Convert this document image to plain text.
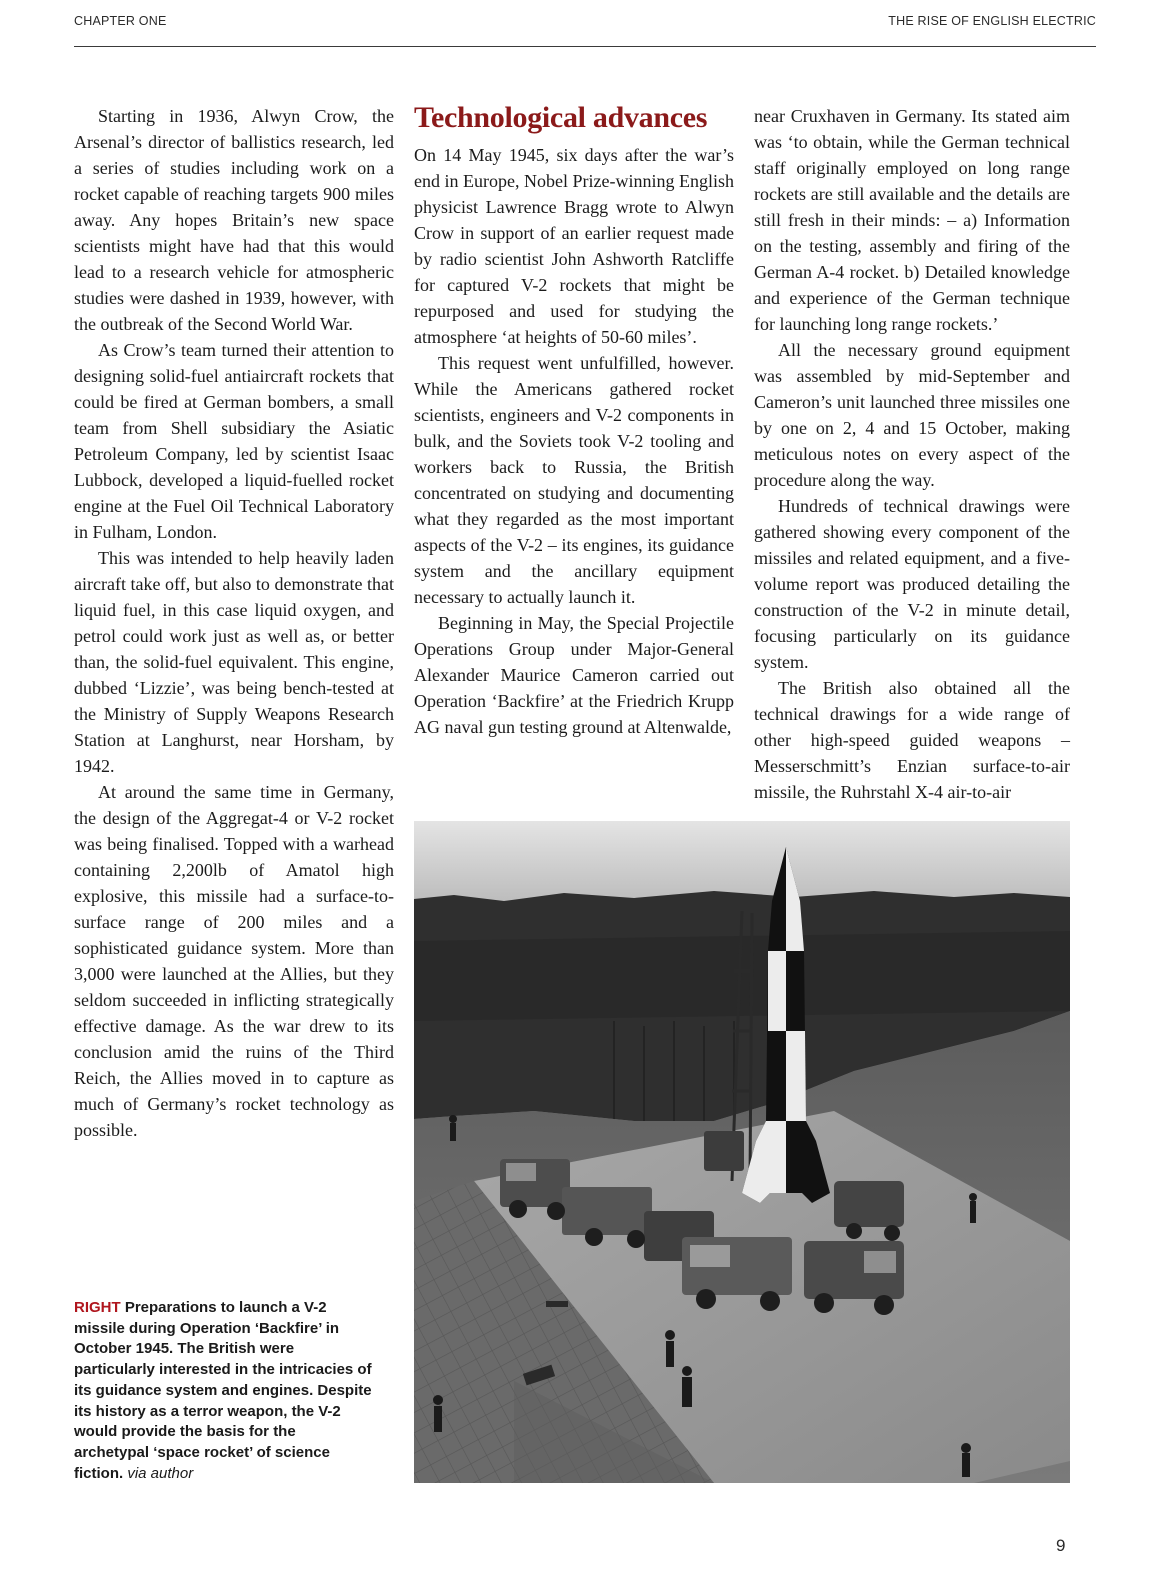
CHAPTER ONE	THE RISE OF ENGLISH ELECTRIC

Starting in 1936, Alwyn Crow, the Arsenal’s director of ballistics research, led a series of studies including work on a rocket capable of reaching targets 900 miles away. Any hopes Britain’s new space scientists might have had that this would lead to a research vehicle for atmospheric studies were dashed in 1939, however, with the outbreak of the Second World War.

As Crow’s team turned their attention to designing solid-fuel antiaircraft rockets that could be fired at German bombers, a small team from Shell subsidiary the Asiatic Petroleum Company, led by scientist Isaac Lubbock, developed a liquid-fuelled rocket engine at the Fuel Oil Technical Laboratory in Fulham, London.

This was intended to help heavily laden aircraft take off, but also to demonstrate that liquid fuel, in this case liquid oxygen, and petrol could work just as well as, or better than, the solid-fuel equivalent. This engine, dubbed ‘Lizzie’, was being bench-tested at the Ministry of Supply Weapons Research Station at Langhurst, near Horsham, by 1942.

At around the same time in Germany, the design of the Aggregat-4 or V-2 rocket was being finalised. Topped with a warhead containing 2,200lb of Amatol high explosive, this missile had a surface-to-surface range of 200 miles and a sophisticated guidance system. More than 3,000 were launched at the Allies, but they seldom succeeded in inflicting strategically effective damage. As the war drew to its conclusion amid the ruins of the Third Reich, the Allies moved in to capture as much of Germany’s rocket technology as possible.

Technological advances

On 14 May 1945, six days after the war’s end in Europe, Nobel Prize-winning English physicist Lawrence Bragg wrote to Alwyn Crow in support of an earlier request made by radio scientist John Ashworth Ratcliffe for captured V-2 rockets that might be repurposed and used for studying the atmosphere ‘at heights of 50-60 miles’.

This request went unfulfilled, however. While the Americans gathered rocket scientists, engineers and V-2 components in bulk, and the Soviets took V-2 tooling and workers back to Russia, the British concentrated on studying and documenting what they regarded as the most important aspects of the V-2 – its engines, its guidance system and the ancillary equipment necessary to actually launch it.

Beginning in May, the Special Projectile Operations Group under Major-General Alexander Maurice Cameron carried out Operation ‘Backfire’ at the Friedrich Krupp AG naval gun testing ground at Altenwalde,

near Cruxhaven in Germany. Its stated aim was ‘to obtain, while the German technical staff originally employed on long range rockets are still available and the details are still fresh in their minds: – a) Information on the testing, assembly and firing of the German A-4 rocket. b) Detailed knowledge and experience of the German technique for launching long range rockets.’

All the necessary ground equipment was assembled by mid-September and Cameron’s unit launched three missiles one by one on 2, 4 and 15 October, making meticulous notes on every aspect of the procedure along the way.

Hundreds of technical drawings were gathered showing every component of the missiles and related equipment, and a five-volume report was produced detailing the construction of the V-2 in minute detail, focusing particularly on its guidance system.

The British also obtained all the technical drawings for a wide range of other high-speed guided weapons – Messerschmitt’s Enzian surface-to-air missile, the Ruhrstahl X-4 air-to-air

RIGHT Preparations to launch a V-2 missile during Operation ‘Backfire’ in October 1945. The British were particularly interested in the intricacies of its guidance system and engines. Despite its history as a terror weapon, the V-2 would provide the basis for the archetypal ‘space rocket’ of science fiction. via author
9
